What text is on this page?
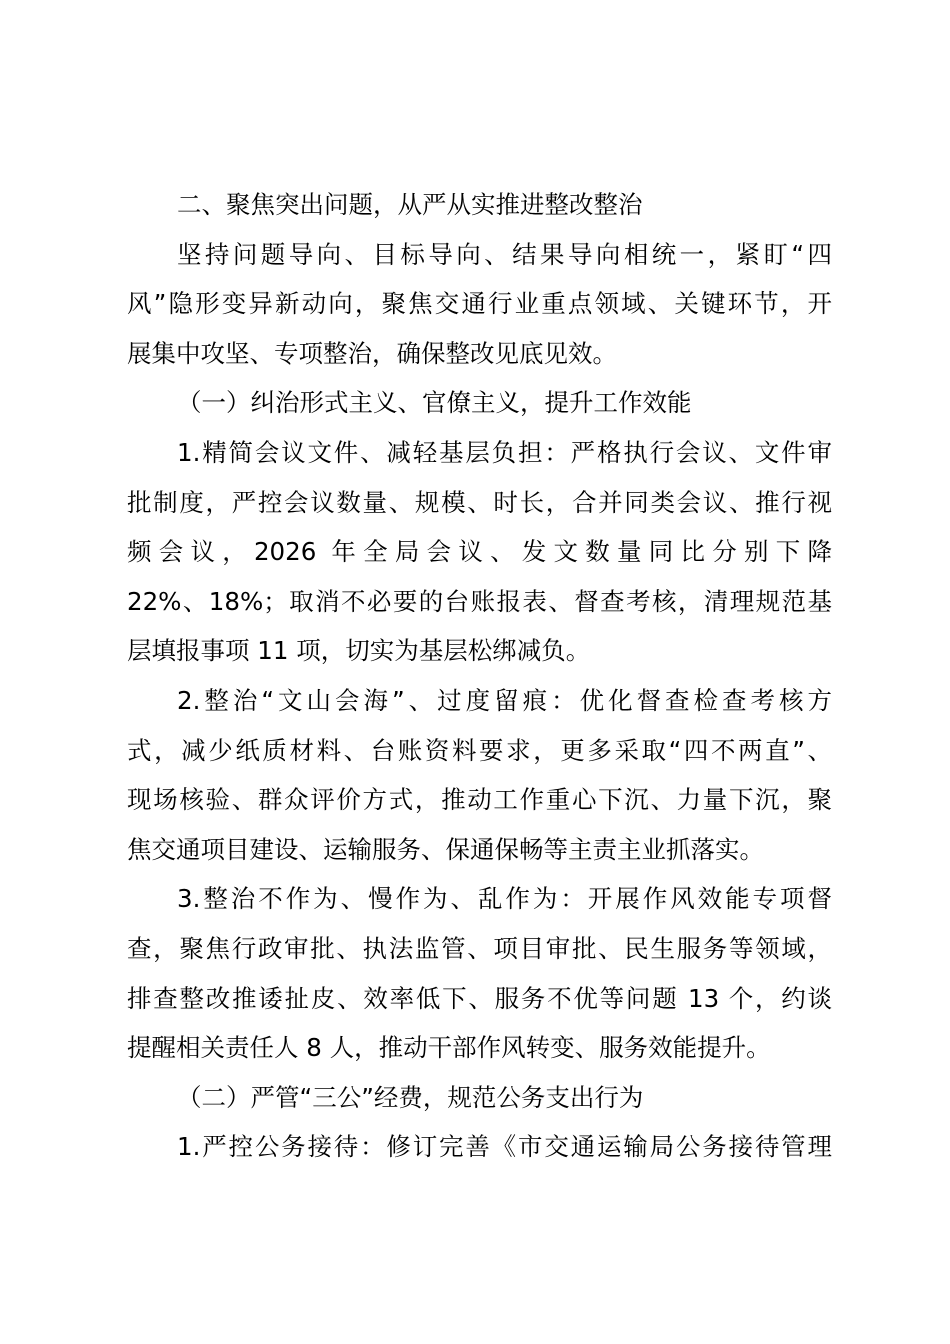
二、聚焦突出问题，从严从实推进整改整治
坚持问题导向、目标导向、结果导向相统一，紧盯“四
风”隐形变异新动向，聚焦交通行业重点领域、关键环节，开
展集中攻坚、专项整治，确保整改见底见效。
（一）纠治形式主义、官僚主义，提升工作效能
1.精简会议文件、减轻基层负担：严格执行会议、文件审
批制度，严控会议数量、规模、时长，合并同类会议、推行视
频会议，2026 年全局会议、发文数量同比分别下降
22%、18%；取消不必要的台账报表、督查考核，清理规范基
层填报事项 11 项，切实为基层松绑减负。
2.整治“文山会海”、过度留痕：优化督查检查考核方
式，减少纸质材料、台账资料要求，更多采取“四不两直”、
现场核验、群众评价方式，推动工作重心下沉、力量下沉，聚
焦交通项目建设、运输服务、保通保畅等主责主业抓落实。
3.整治不作为、慢作为、乱作为：开展作风效能专项督
查，聚焦行政审批、执法监管、项目审批、民生服务等领域，
排查整改推诿扯皮、效率低下、服务不优等问题 13 个，约谈
提醒相关责任人 8 人，推动干部作风转变、服务效能提升。
（二）严管“三公”经费，规范公务支出行为
1.严控公务接待：修订完善《市交通运输局公务接待管理
